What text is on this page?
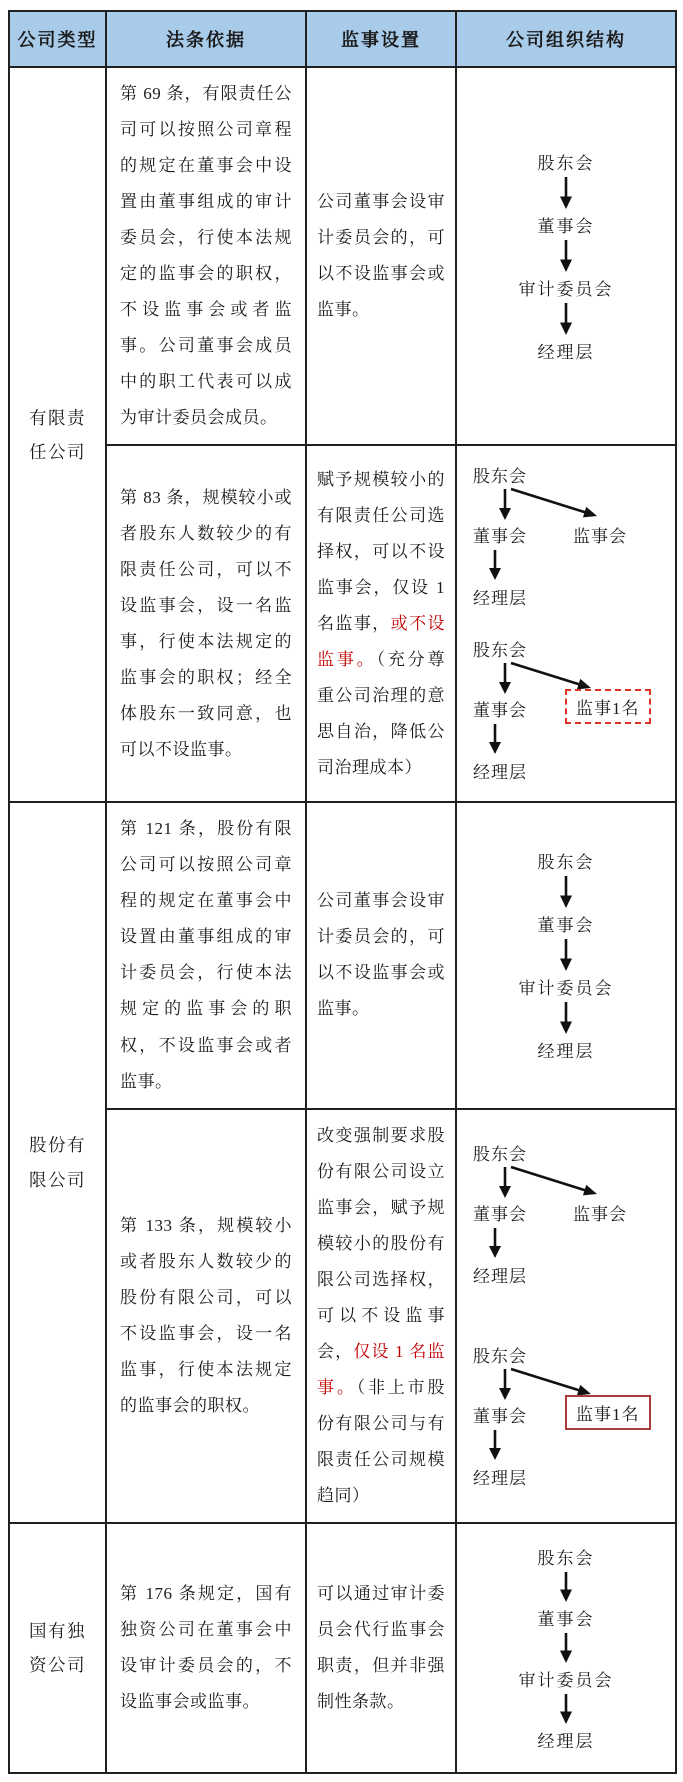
公司类型	法条依据	监事设置	公司组织结构
有限责任公司	第 69 条，有限责任公司可以按照公司章程的规定在董事会中设置由董事组成的审计委员会，行使本法规定的监事会的职权，不设监事会或者监事。公司董事会成员中的职工代表可以成为审计委员会成员。	公司董事会设审计委员会的，可以不设监事会或监事。	股东会
董事会
审计委员会
经理层

第 83 条，规模较小或者股东人数较少的有限责任公司，可以不设监事会，设一名监事，行使本法规定的监事会的职权；经全体股东一致同意，也可以不设监事。	赋予规模较小的有限责任公司选择权，可以不设监事会，仅设 1 名监事，或不设监事。（充分尊重公司治理的意思自治，降低公司治理成本）	
股东会
董事会	监事会
经理层
股东会
董事会	监事1名
经理层

股份有限公司	第 121 条，股份有限公司可以按照公司章程的规定在董事会中设置由董事组成的审计委员会，行使本法规定的监事会的职权，不设监事会或者监事。	公司董事会设审计委员会的，可以不设监事会或监事。	股东会
董事会
审计委员会
经理层

第 133 条，规模较小或者股东人数较少的股份有限公司，可以不设监事会，设一名监事，行使本法规定的监事会的职权。	改变强制要求股份有限公司设立监事会，赋予规模较小的股份有限公司选择权，可以不设监事会，仅设 1 名监事。（非上市股份有限公司与有限责任公司规模趋同）	
股东会
董事会	监事会
经理层
股东会
董事会	监事1名
经理层

国有独资公司	第 176 条规定，国有独资公司在董事会中设审计委员会的，不设监事会或监事。	可以通过审计委员会代行监事会职责，但并非强制性条款。	股东会
董事会
审计委员会
经理层
